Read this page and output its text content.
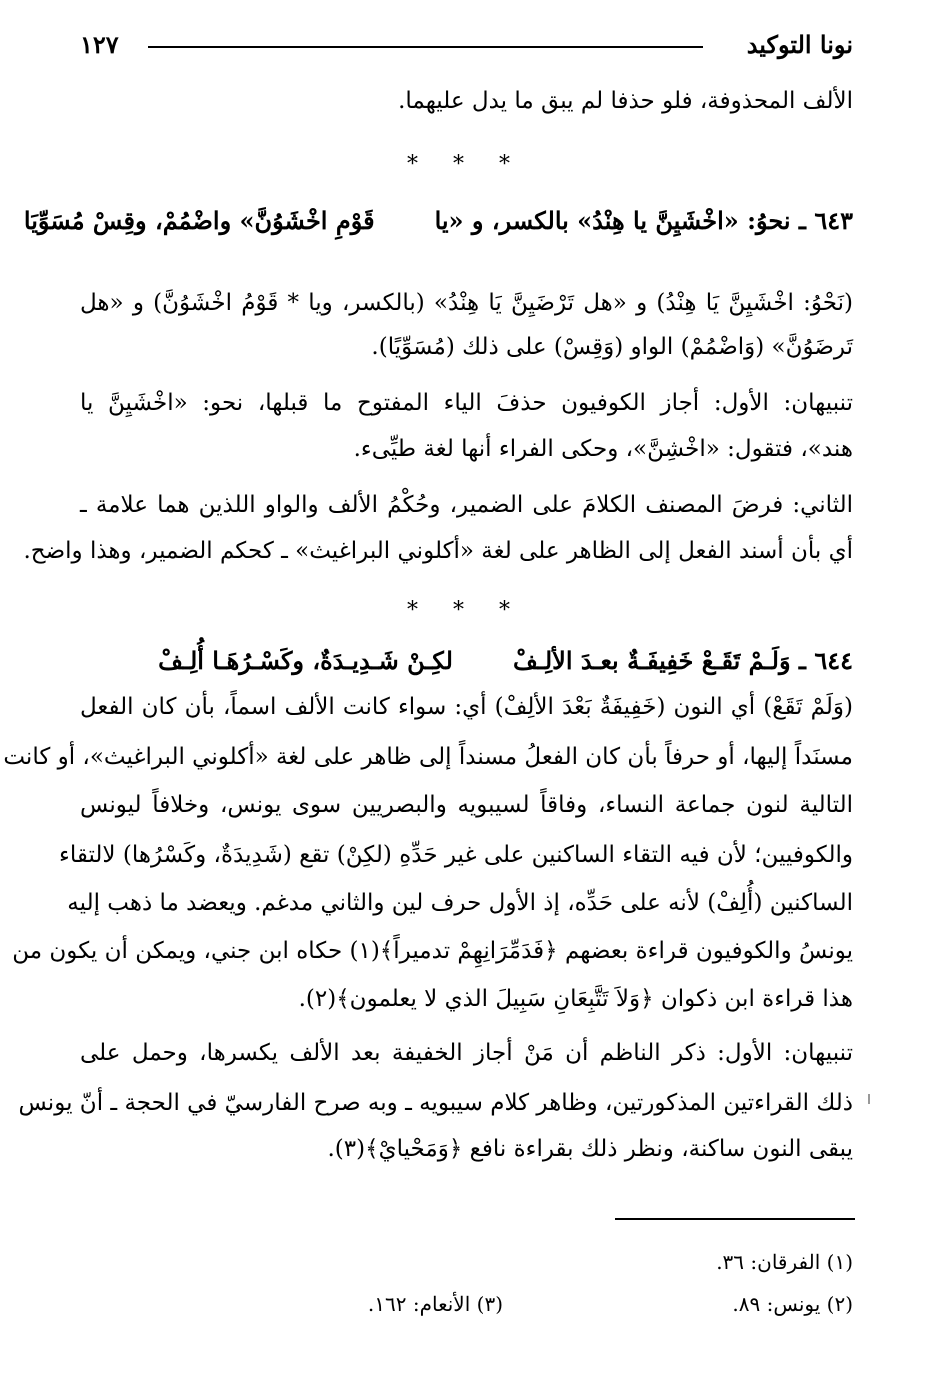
نونا التوكيد
١٢٧
الألف المحذوفة، فلو حذفا لم يبق ما يدل عليهما.
* * *
٦٤٣ ـ نحوُ: «اخْشَيِنَّ يا هِنْدُ» بالكسر، و «ياقَوْمِ اخْشَوُنَّ» واضْمُمْ، وقِسْ مُسَوِّيَا
(نَحْوُ: اخْشَيِنَّ يَا هِنْدُ) و «هل تَرْضَيِنَّ يَا هِنْدُ» (بالكسر، ويا * قَوْمُ اخْشَوُنَّ) و «هل
تَرضَوُنَّ» (وَاضْمُمْ) الواو (وَقِسْ) على ذلك (مُسَوِّيًا).
تنبيهان: الأول: أجاز الكوفيون حذفَ الياء المفتوح ما قبلها، نحو: «اخْشَيِنَّ يا
هند»، فتقول: «اخْشِنَّ»، وحكى الفراء أنها لغة طيِّىء.
الثاني: فرضَ المصنف الكلامَ على الضمير، وحُكْمُ الألف والواو اللذين هما علامة ـ
أي بأن أسند الفعل إلى الظاهر على لغة «أكلوني البراغيث» ـ كحكم الضمير، وهذا واضح.
* * *
٦٤٤ ـ وَلَـمْ تَقَـعْ خَفِيفَـةٌ بعـدَ الألِـفْلكِـنْ شَـدِيـدَةٌ، وكَسْـرُهَـا أُلِـفْ
(وَلَمْ تَقَعْ) أي النون (خَفِيفَةٌ بَعْدَ الألِفْ) أي: سواء كانت الألف اسماً، بأن كان الفعل
مسنَداً إليها، أو حرفاً بأن كان الفعلُ مسنداً إلى ظاهر على لغة «أكلوني البراغيث»، أو كانت
التالية لنون جماعة النساء، وفاقاً لسيبويه والبصريين سوى يونس، وخلافاً ليونس
والكوفيين؛ لأن فيه التقاء الساكنين على غير حَدِّهِ (لكِنْ) تقع (شَدِيدَةٌ، وكَسْرُها) لالتقاء
الساكنين (أُلِفْ) لأنه على حَدِّه، إذ الأول حرف لين والثاني مدغم. ويعضد ما ذهب إليه
يونسُ والكوفيون قراءة بعضهم ﴿فَدَمِّرَانِهِمْ تدميراً﴾(١) حكاه ابن جني، ويمكن أن يكون من
هذا قراءة ابن ذكوان ﴿وَلاَ تَتَّبِعَانِ سَبِيلَ الذي لا يعلمون﴾(٢).
تنبيهان: الأول: ذكر الناظم أن مَنْ أجاز الخفيفة بعد الألف يكسرها، وحمل على
ذلك القراءتين المذكورتين، وظاهر كلام سيبويه ـ وبه صرح الفارسيّ في الحجة ـ أنّ يونس
يبقى النون ساكنة، ونظر ذلك بقراءة نافع ﴿وَمَحْيايْ﴾(٣).
(١) الفرقان: ٣٦.
(٢) يونس: ٨٩.
(٣) الأنعام: ١٦٢.
